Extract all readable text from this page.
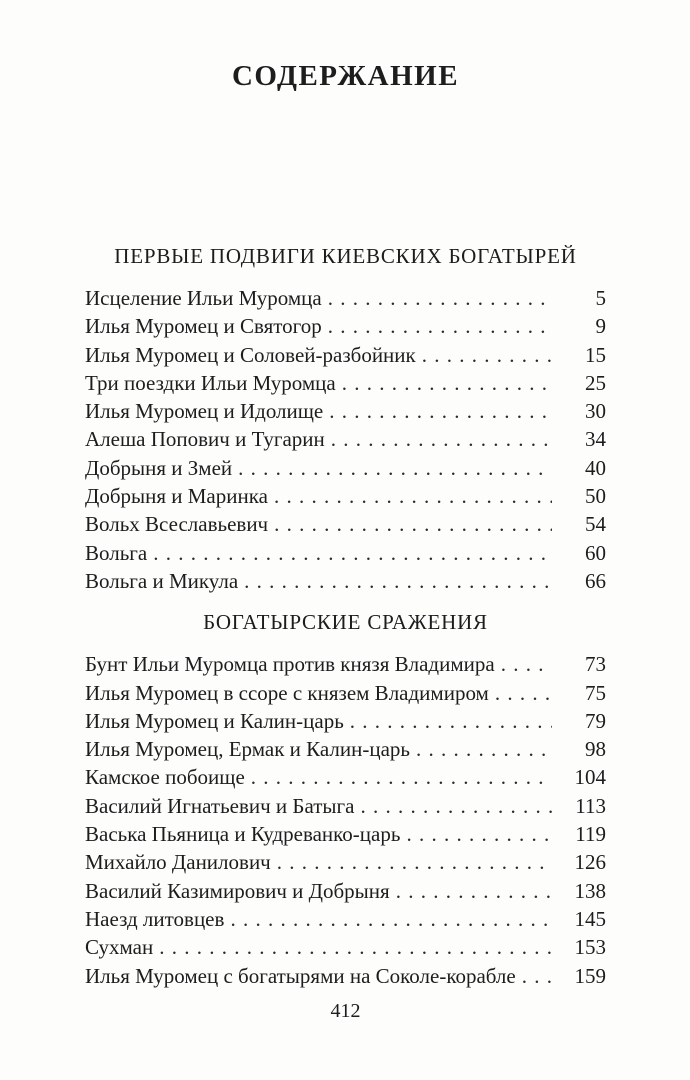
СОДЕРЖАНИЕ
ПЕРВЫЕ ПОДВИГИ КИЕВСКИХ БОГАТЫРЕЙ
Исцеление Ильи Муромца . . .	5
Илья Муромец и Святогор . . .	9
Илья Муромец и Соловей-разбойник . . .	15
Три поездки Ильи Муромца . . .	25
Илья Муромец и Идолище . . .	30
Алеша Попович и Тугарин . . .	34
Добрыня и Змей . . .	40
Добрыня и Маринка . . .	50
Вольх Всеславьевич . . .	54
Вольга . . .	60
Вольга и Микула . . .	66
БОГАТЫРСКИЕ СРАЖЕНИЯ
Бунт Ильи Муромца против князя Владимира . . .	73
Илья Муромец в ссоре с князем Владимиром . . .	75
Илья Муромец и Калин-царь . . .	79
Илья Муромец, Ермак и Калин-царь . . .	98
Камское побоище . . .	104
Василий Игнатьевич и Батыга . . .	113
Васька Пьяница и Кудреванко-царь . . .	119
Михайло Данилович . . .	126
Василий Казимирович и Добрыня . . .	138
Наезд литовцев . . .	145
Сухман . . .	153
Илья Муромец с богатырями на Соколе-корабле . . .	159
412
